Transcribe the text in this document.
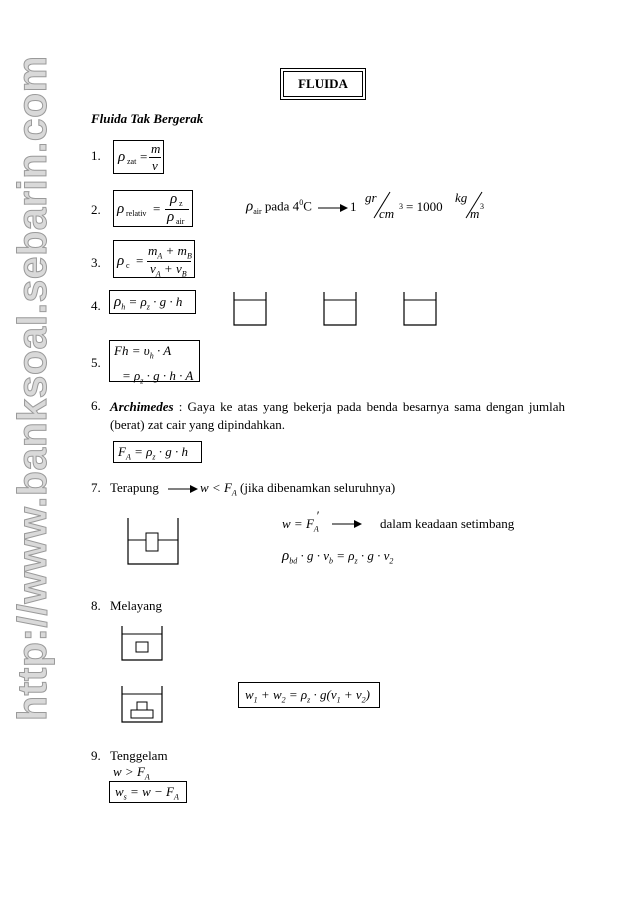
http://www.banksoal.sebarin.com	FLUIDA
Fluida Tak Bergerak
1. ρ zat =
m
v
2. ρ relativ =
ρ z
ρ air
$\rho_{air}$ pada $4^0C$	1
gr
cm 3 = 1000
kg
m 3
3. ρ c =
$m_A + m_B$
$v_A + v_B$
4. $\rho_h = \rho_z \cdot g \cdot h$
5.
$Fh = \upsilon_h \cdot A$
= $\rho_z \cdot g \cdot h \cdot A$
6. Archimedes : Gaya ke atas yang bekerja pada benda besarnya sama dengan jumlah (berat) zat cair yang dipindahkan.
$F_A = \rho_z \cdot g \cdot h$
7. Terapung	$w < F_A$ (jika dibenamkan seluruhnya)
$w = F_A'$
dalam keadaan setimbang
$\rho_{bd} \cdot g \cdot v_b = \rho_z \cdot g \cdot v_2$
8. Melayang
$w_1 + w_2 = \rho_z \cdot g(v_1 + v_2)$
9. Tenggelam
$w > F_A$
$w_s = w - F_A$
